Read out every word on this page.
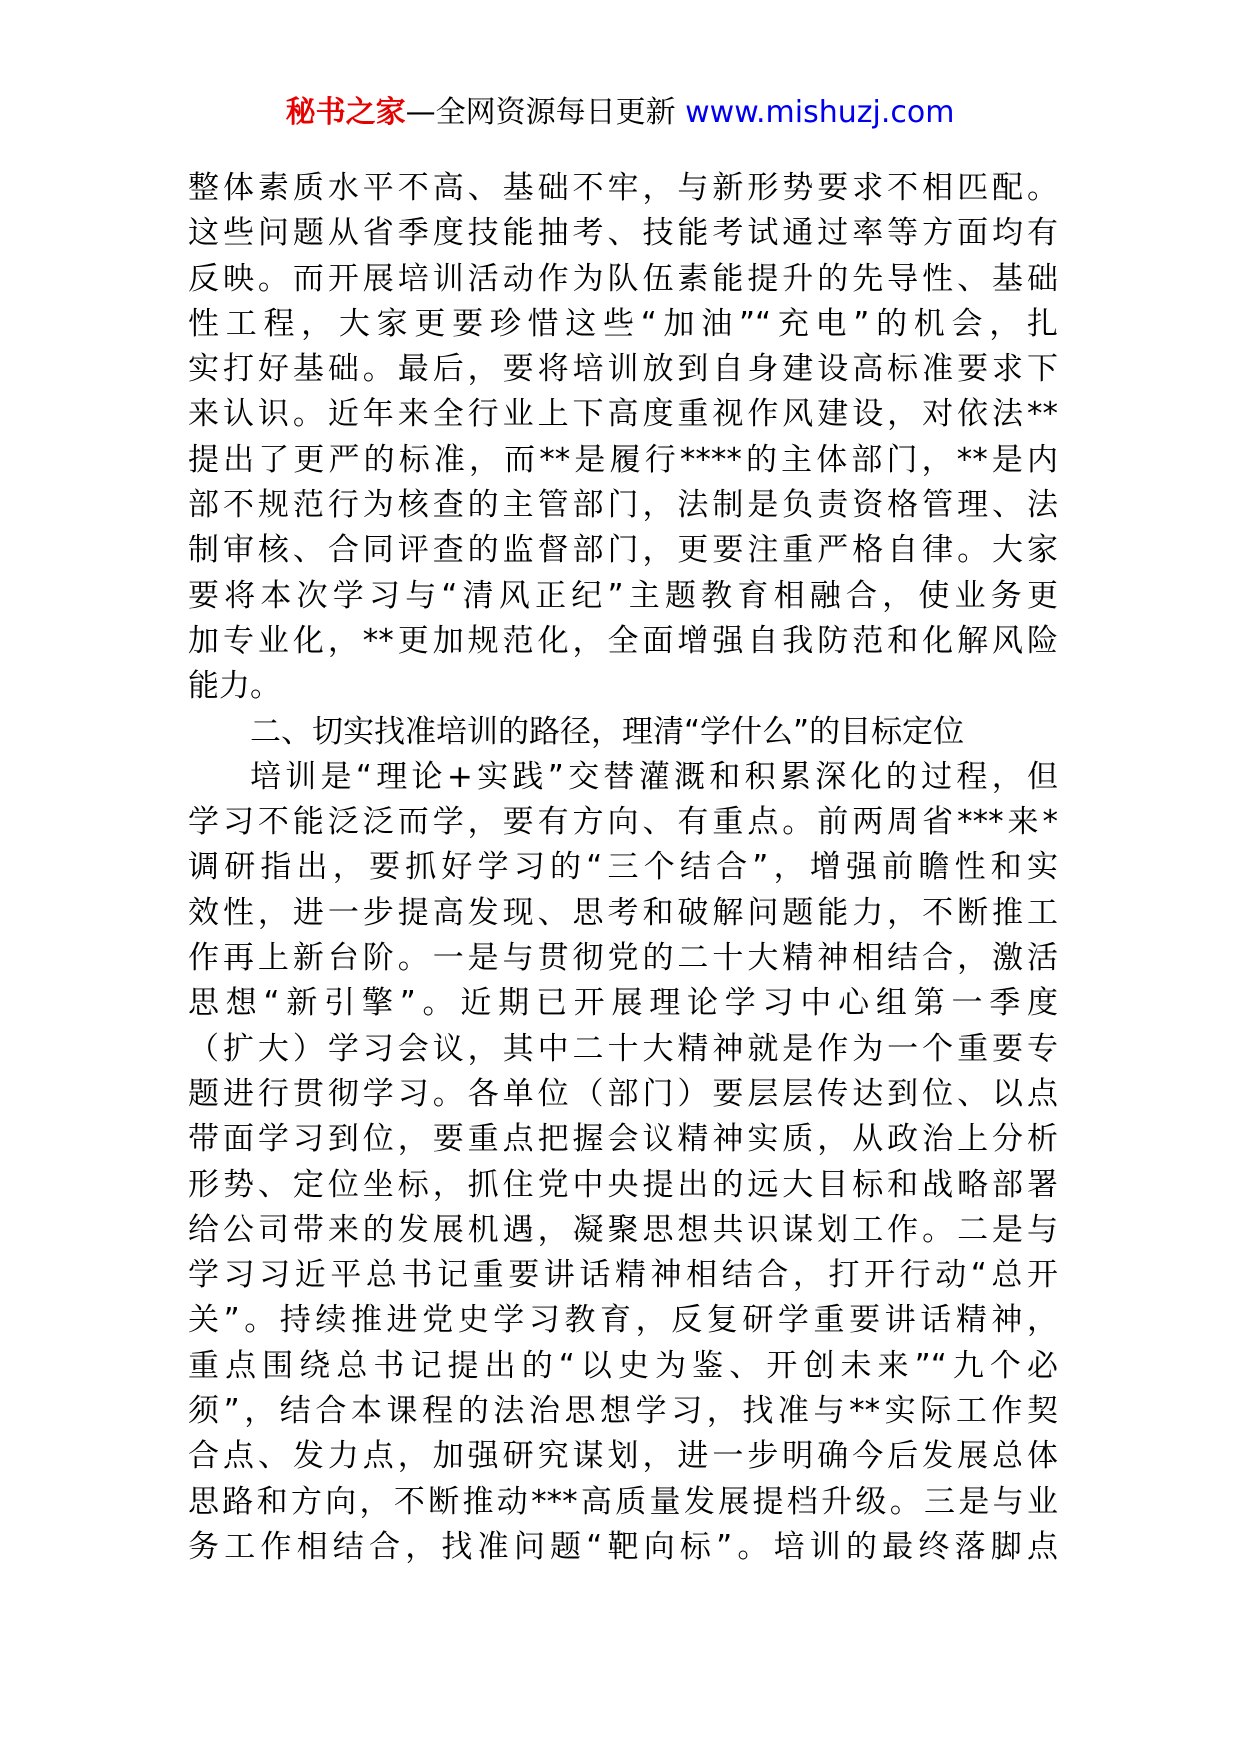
秘书之家—全网资源每日更新 www.mishuzj.com
整体素质水平不高、基础不牢，与新形势要求不相匹配。
这些问题从省季度技能抽考、技能考试通过率等方面均有
反映。而开展培训活动作为队伍素能提升的先导性、基础
性工程，大家更要珍惜这些“加油”“充电”的机会，扎
实打好基础。最后，要将培训放到自身建设高标准要求下
来认识。近年来全行业上下高度重视作风建设，对依法**
提出了更严的标准，而**是履行****的主体部门，**是内
部不规范行为核查的主管部门，法制是负责资格管理、法
制审核、合同评查的监督部门，更要注重严格自律。大家
要将本次学习与“清风正纪”主题教育相融合，使业务更
加专业化，**更加规范化，全面增强自我防范和化解风险
能力。
二、切实找准培训的路径，理清“学什么”的目标定位
培训是“理论+实践”交替灌溉和积累深化的过程，但
学习不能泛泛而学，要有方向、有重点。前两周省***来*
调研指出，要抓好学习的“三个结合”，增强前瞻性和实
效性，进一步提高发现、思考和破解问题能力，不断推工
作再上新台阶。一是与贯彻党的二十大精神相结合，激活
思想“新引擎”。近期已开展理论学习中心组第一季度
（扩大）学习会议，其中二十大精神就是作为一个重要专
题进行贯彻学习。各单位（部门）要层层传达到位、以点
带面学习到位，要重点把握会议精神实质，从政治上分析
形势、定位坐标，抓住党中央提出的远大目标和战略部署
给公司带来的发展机遇，凝聚思想共识谋划工作。二是与
学习习近平总书记重要讲话精神相结合，打开行动“总开
关”。持续推进党史学习教育，反复研学重要讲话精神，
重点围绕总书记提出的“以史为鉴、开创未来”“九个必
须”，结合本课程的法治思想学习，找准与**实际工作契
合点、发力点，加强研究谋划，进一步明确今后发展总体
思路和方向，不断推动***高质量发展提档升级。三是与业
务工作相结合，找准问题“靶向标”。培训的最终落脚点
